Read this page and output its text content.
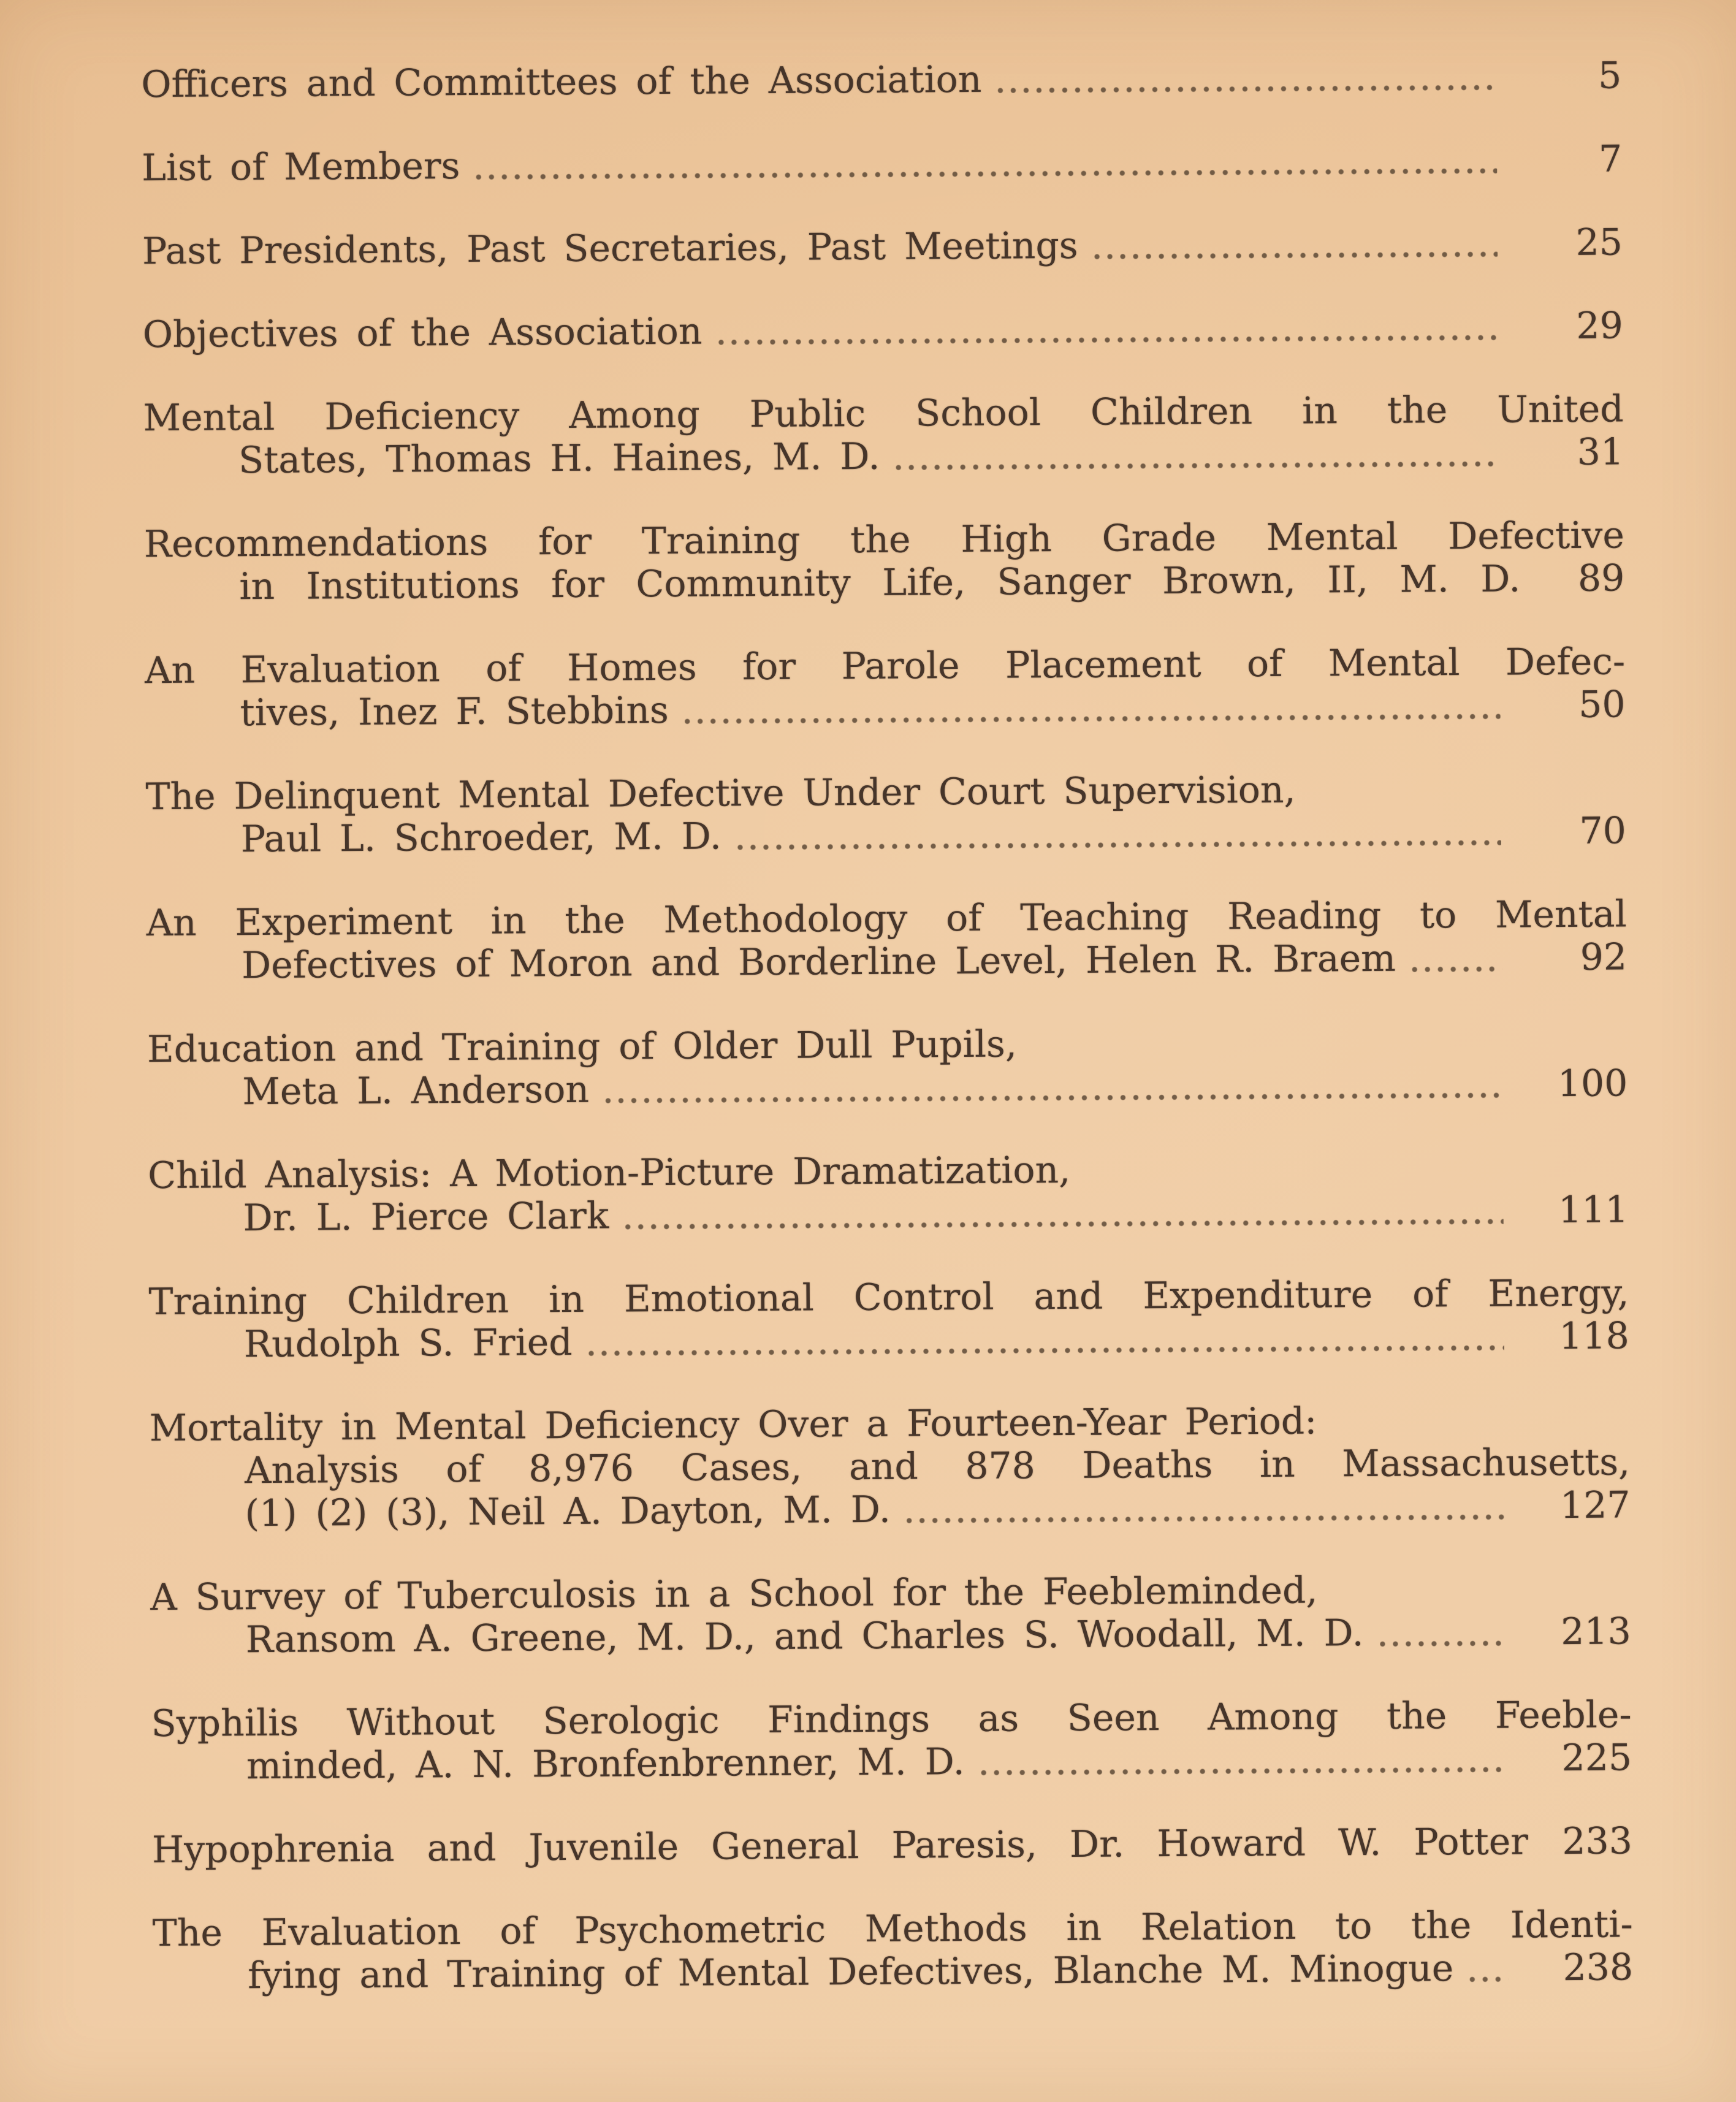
Officers and Committees of the Association	5
List of Members	7
Past Presidents, Past Secretaries, Past Meetings	25
Objectives of the Association	29
Mental Deficiency Among Public School Children in the United
States, Thomas H. Haines, M. D.	31
Recommendations for Training the High Grade Mental Defective
in Institutions for Community Life, Sanger Brown, II, M. D.	89
An Evaluation of Homes for Parole Placement of Mental Defec-
tives, Inez F. Stebbins	50
The Delinquent Mental Defective Under Court Supervision,
Paul L. Schroeder, M. D.	70
An Experiment in the Methodology of Teaching Reading to Mental
Defectives of Moron and Borderline Level, Helen R. Braem	92
Education and Training of Older Dull Pupils,
Meta L. Anderson	100
Child Analysis: A Motion-Picture Dramatization,
Dr. L. Pierce Clark	111
Training Children in Emotional Control and Expenditure of Energy,
Rudolph S. Fried	118
Mortality in Mental Deficiency Over a Fourteen-Year Period:
Analysis of 8,976 Cases, and 878 Deaths in Massachusetts,
(1) (2) (3), Neil A. Dayton, M. D.	127
A Survey of Tuberculosis in a School for the Feebleminded,
Ransom A. Greene, M. D., and Charles S. Woodall, M. D.	213
Syphilis Without Serologic Findings as Seen Among the Feeble-
minded, A. N. Bronfenbrenner, M. D.	225
Hypophrenia and Juvenile General Paresis, Dr. Howard W. Potter 233
The Evaluation of Psychometric Methods in Relation to the Identi-
fying and Training of Mental Defectives, Blanche M. Minogue	238
